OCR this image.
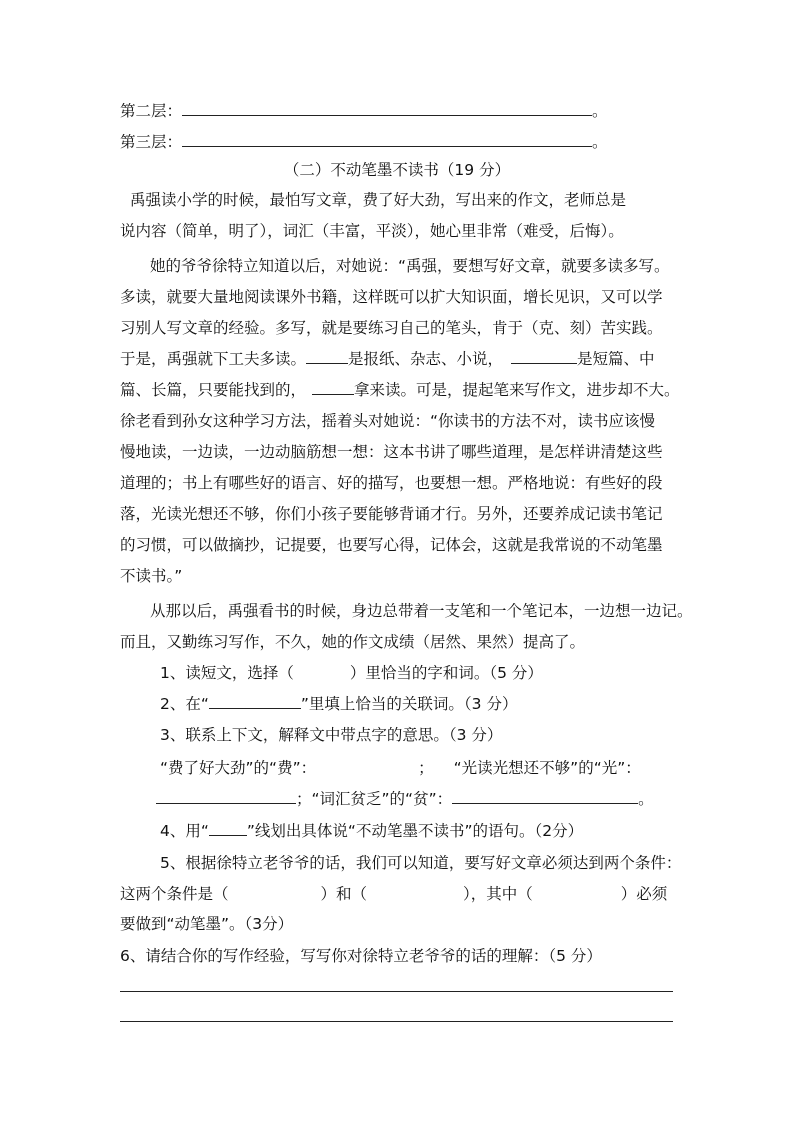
第二层：	。
第三层：	。
（二）不动笔墨不读书（19 分）
禹强读小学的时候，最怕写文章，费了好大劲，写出来的作文，老师总是
说内容（简单，明了），词汇（丰富，平淡），她心里非常（难受，后悔）。
她的爷爷徐特立知道以后，对她说：“禹强，要想写好文章，就要多读多写。
多读，就要大量地阅读课外书籍，这样既可以扩大知识面，增长见识，又可以学
习别人写文章的经验。多写，就是要练习自己的笔头，肯于（克、刻）苦实践。
于是，禹强就下工夫多读。	是报纸、杂志、小说，	是短篇、中
篇、长篇，只要能找到的，	拿来读。可是，提起笔来写作文，进步却不大。
徐老看到孙女这种学习方法，摇着头对她说：“你读书的方法不对，读书应该慢
慢地读，一边读，一边动脑筋想一想：这本书讲了哪些道理，是怎样讲清楚这些
道理的；书上有哪些好的语言、好的描写，也要想一想。严格地说：有些好的段
落，光读光想还不够，你们小孩子要能够背诵才行。另外，还要养成记读书笔记
的习惯，可以做摘抄，记提要，也要写心得，记体会，这就是我常说的不动笔墨
不读书。”
从那以后，禹强看书的时候，身边总带着一支笔和一个笔记本，一边想一边记。
而且，又勤练习写作，不久，她的作文成绩（居然、果然）提高了。
1、读短文，选择（	）里恰当的字和词。（5 分）
2、在“	”里填上恰当的关联词。（3 分）
3、联系上下文，解释文中带点字的意思。（3 分）
“费了好大劲”的“费”：	； “光读光想还不够”的“光”：
；“词汇贫乏”的“贫”：	。
4、用“ ”线划出具体说“不动笔墨不读书”的语句。（2分）
5、根据徐特立老爷爷的话，我们可以知道，要写好文章必须达到两个条件：
这两个条件是（	）和（	），其中（	）必须
要做到“动笔墨”。（3分）
6、请结合你的写作经验，写写你对徐特立老爷爷的话的理解：（5 分）
